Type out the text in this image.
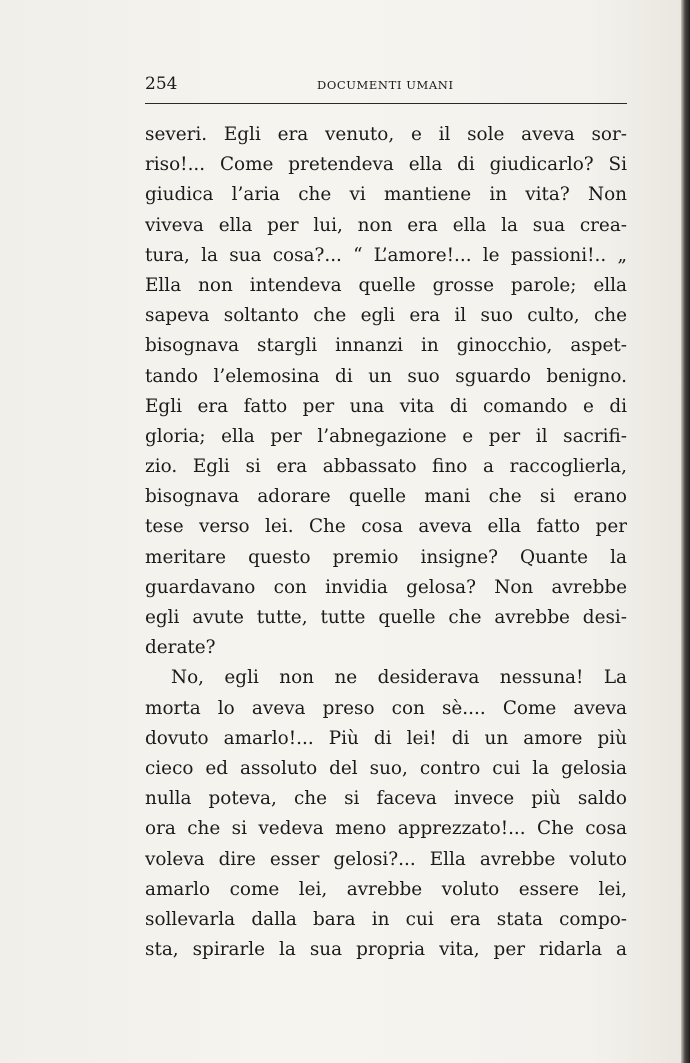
254	DOCUMENTI UMANI
severi. Egli era venuto, e il sole aveva sor-
riso!... Come pretendeva ella di giudicarlo? Si
giudica l’aria che vi mantiene in vita? Non
viveva ella per lui, non era ella la sua crea-
tura, la sua cosa?... “ L’amore!... le passioni!.. „
Ella non intendeva quelle grosse parole; ella
sapeva soltanto che egli era il suo culto, che
bisognava stargli innanzi in ginocchio, aspet-
tando l’elemosina di un suo sguardo benigno.
Egli era fatto per una vita di comando e di
gloria; ella per l’abnegazione e per il sacrifi-
zio. Egli si era abbassato fino a raccoglierla,
bisognava adorare quelle mani che si erano
tese verso lei. Che cosa aveva ella fatto per
meritare questo premio insigne? Quante la
guardavano con invidia gelosa? Non avrebbe
egli avute tutte, tutte quelle che avrebbe desi-
derate?
No, egli non ne desiderava nessuna! La
morta lo aveva preso con sè.... Come aveva
dovuto amarlo!... Più di lei! di un amore più
cieco ed assoluto del suo, contro cui la gelosia
nulla poteva, che si faceva invece più saldo
ora che si vedeva meno apprezzato!... Che cosa
voleva dire esser gelosi?... Ella avrebbe voluto
amarlo come lei, avrebbe voluto essere lei,
sollevarla dalla bara in cui era stata compo-
sta, spirarle la sua propria vita, per ridarla a
